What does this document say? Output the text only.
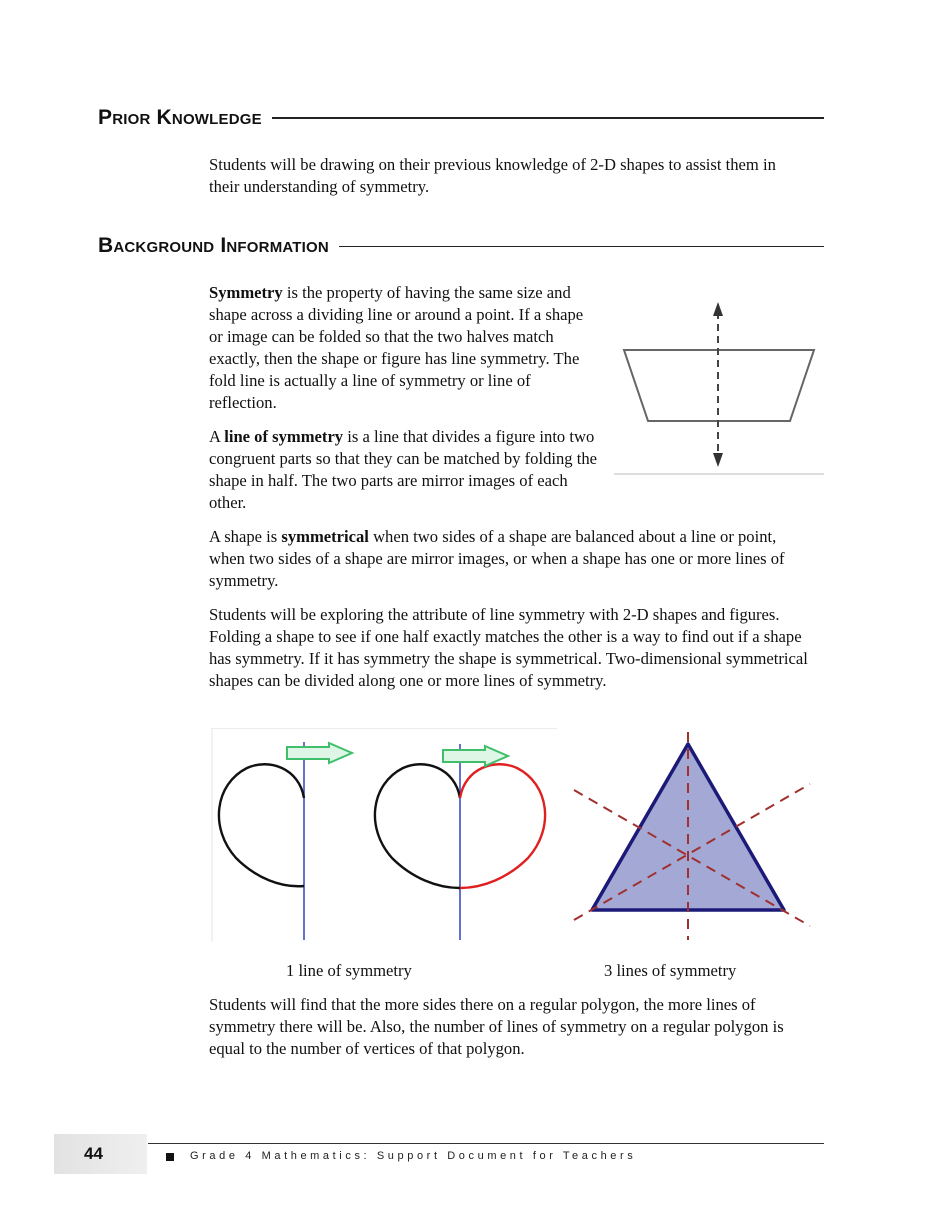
Prior Knowledge

Students will be drawing on their previous knowledge of 2-D shapes to assist them in their understanding of symmetry.

Background Information

Symmetry is the property of having the same size and shape across a dividing line or around a point. If a shape or image can be folded so that the two halves match exactly, then the shape or figure has line symmetry. The fold line is actually a line of symmetry or line of reflection.

A line of symmetry is a line that divides a figure into two congruent parts so that they can be matched by folding the shape in half. The two parts are mirror images of each other.

A shape is symmetrical when two sides of a shape are balanced about a line or point, when two sides of a shape are mirror images, or when a shape has one or more lines of symmetry.

Students will be exploring the attribute of line symmetry with 2-D shapes and figures. Folding a shape to see if one half exactly matches the other is a way to find out if a shape has symmetry. If it has symmetry the shape is symmetrical. Two-dimensional symmetrical shapes can be divided along one or more lines of symmetry.

1 line of symmetry	3 lines of symmetry

Students will find that the more sides there on a regular polygon, the more lines of symmetry there will be. Also, the number of lines of symmetry on a regular polygon is equal to the number of vertices of that polygon.

44	Grade 4 Mathematics: Support Document for Teachers
